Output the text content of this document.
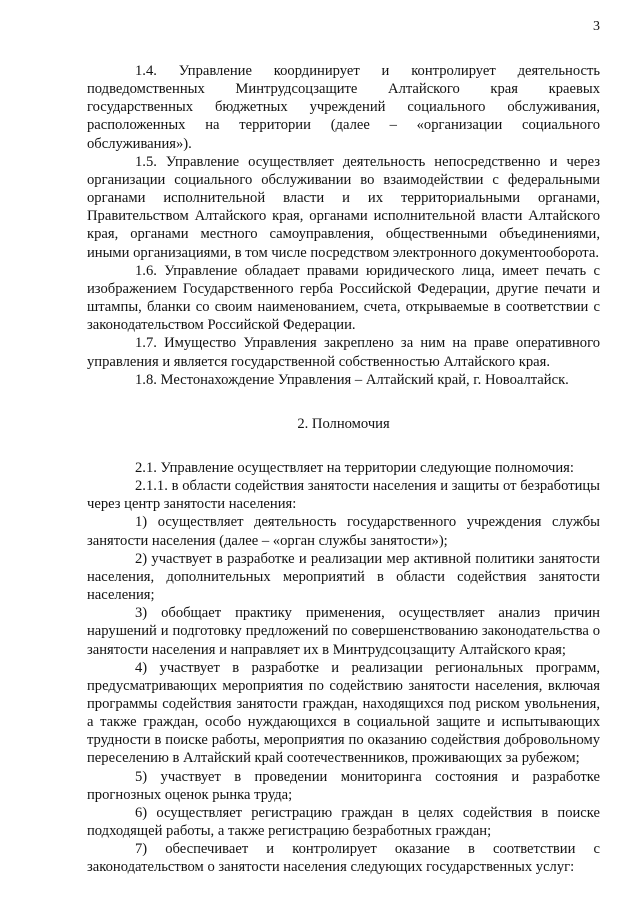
3

1.4. Управление координирует и контролирует деятельность подведомственных Минтрудсоцзащите Алтайского края краевых государственных бюджетных учреждений социального обслуживания, расположенных на территории (далее – «организации социального обслуживания»).

1.5. Управление осуществляет деятельность непосредственно и через организации социального обслуживании во взаимодействии с федеральными органами исполнительной власти и их территориальными органами, Правительством Алтайского края, органами исполнительной власти Алтайского края, органами местного самоуправления, общественными объединениями, иными организациями, в том числе посредством электронного документооборота.

1.6. Управление обладает правами юридического лица, имеет печать с изображением Государственного герба Российской Федерации, другие печати и штампы, бланки со своим наименованием, счета, открываемые в соответствии с законодательством Российской Федерации.

1.7. Имущество Управления закреплено за ним на праве оперативного управления и является государственной собственностью Алтайского края.

1.8. Местонахождение Управления – Алтайский край, г. Новоалтайск.

2. Полномочия

2.1. Управление осуществляет на территории следующие полномочия:

2.1.1. в области содействия занятости населения и защиты от безработицы через центр занятости населения:

1) осуществляет деятельность государственного учреждения службы занятости населения (далее – «орган службы занятости»);

2) участвует в разработке и реализации мер активной политики занятости населения, дополнительных мероприятий в области содействия занятости населения;

3) обобщает практику применения, осуществляет анализ причин нарушений и подготовку предложений по совершенствованию законодательства о занятости населения и направляет их в Минтрудсоцзащиту Алтайского края;

4) участвует в разработке и реализации региональных программ, предусматривающих мероприятия по содействию занятости населения, включая программы содействия занятости граждан, находящихся под риском увольнения, а также граждан, особо нуждающихся в социальной защите и испытывающих трудности в поиске работы, мероприятия по оказанию содействия добровольному переселению в Алтайский край соотечественников, проживающих за рубежом;

5) участвует в проведении мониторинга состояния и разработке прогнозных оценок рынка труда;

6) осуществляет регистрацию граждан в целях содействия в поиске подходящей работы, а также регистрацию безработных граждан;

7) обеспечивает и контролирует оказание в соответствии с законодательством о занятости населения следующих государственных услуг:
